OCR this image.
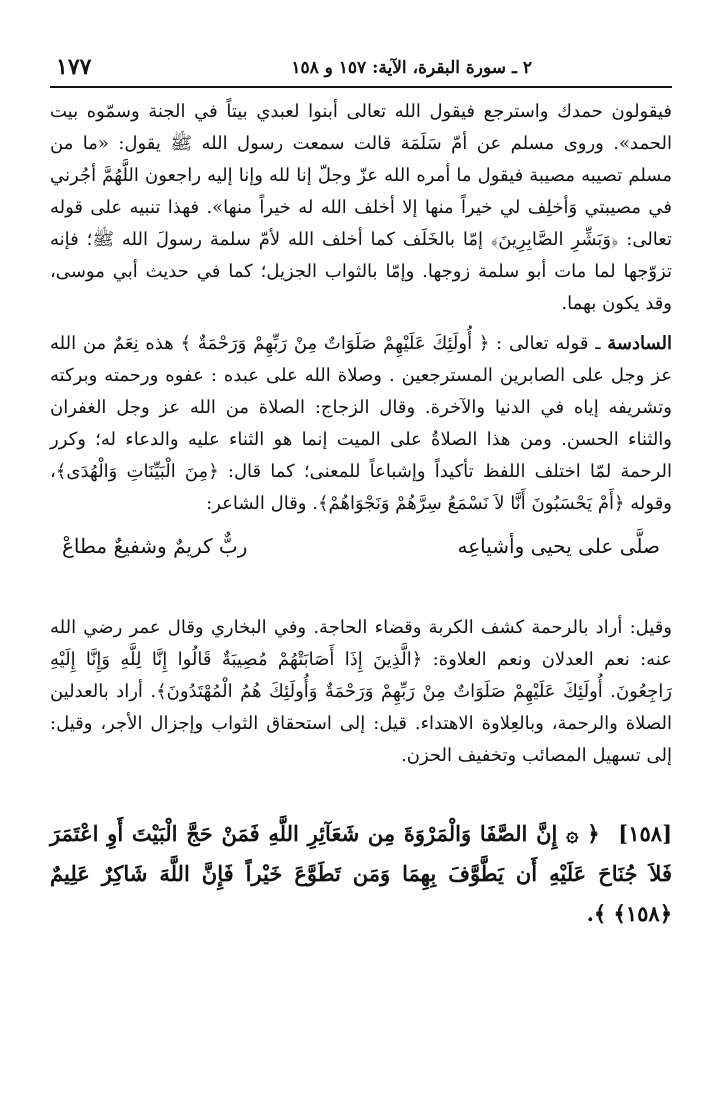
٢ ـ سورة البقرة، الآية: ١٥٧ و ١٥٨
١٧٧

فيقولون حمدك واسترجع فيقول الله تعالى أبنوا لعبدي بيتاً في الجنة وسمّوه بيت الحمد». وروى مسلم عن أمّ سَلَمَة قالت سمعت رسول الله ﷺ يقول: «ما من مسلم تصيبه مصيبة فيقول ما أمره الله عزّ وجلّ إنا لله وإنا إليه راجعون اللَّهُمَّ أجُرني في مصيبتي وَأخلِف لي خيراً منها إلا أخلف الله له خيراً منها». فهذا تنبيه على قوله تعالى: ﴿وَبَشِّرِ الصَّابِرِينَ﴾ إمّا بالخَلَف كما أخلف الله لأمّ سلمة رسولَ الله ﷺ؛ فإنه تزوّجها لما مات أبو سلمة زوجها. وإمّا بالثواب الجزيل؛ كما في حديث أبي موسى، وقد يكون بهما.

السادسة ـ قوله تعالى : ﴿ أُولَئِكَ عَلَيْهِمْ صَلَوَاتٌ مِنْ رَبِّهِمْ وَرَحْمَةٌ ﴾ هذه نِعَمٌ من الله عز وجل على الصابرين المسترجعين . وصلاة الله على عبده : عفوه ورحمته وبركته وتشريفه إياه في الدنيا والآخرة. وقال الزجاج: الصلاة من الله عز وجل الغفران والثناء الحسن. ومن هذا الصلاةُ على الميت إنما هو الثناء عليه والدعاء له؛ وكرر الرحمة لمّا اختلف اللفظ تأكيداً وإشباعاً للمعنى؛ كما قال: ﴿مِنَ الْبَيِّنَاتِ وَالْهُدَى﴾، وقوله ﴿أَمْ يَحْسَبُونَ أَنَّا لاَ نَسْمَعُ سِرَّهُمْ وَنَجْوَاهُمْ﴾. وقال الشاعر:

صلَّى على يحيى وأشياعِه
ربٌّ كريمٌ وشفيعٌ مطاعْ

وقيل: أراد بالرحمة كشف الكربة وقضاء الحاجة. وفي البخاري وقال عمر رضي الله عنه: نعم العدلان ونعم العلاوة: ﴿الَّذِينَ إِذَا أَصَابَتْهُمْ مُصِيبَةٌ قَالُوا إِنَّا لِلَّهِ وَإِنَّا إِلَيْهِ رَاجِعُونَ. أُولَئِكَ عَلَيْهِمْ صَلَوَاتٌ مِنْ رَبِّهِمْ وَرَحْمَةٌ وَأُولَئِكَ هُمُ الْمُهْتَدُونَ﴾. أراد بالعدلين الصلاة والرحمة، وبالعِلاوة الاهتداء. قيل: إلى استحقاق الثواب وإجزال الأجر، وقيل: إلى تسهيل المصائب وتخفيف الحزن.

[١٥٨] ﴿ ۞ إِنَّ الصَّفَا وَالْمَرْوَةَ مِن شَعَآئِرِ اللَّهِ فَمَنْ حَجَّ الْبَيْتَ أَوِ اعْتَمَرَ فَلاَ جُنَاحَ عَلَيْهِ أَن يَطَّوَّفَ بِهِمَا وَمَن تَطَوَّعَ خَيْراً فَإِنَّ اللَّهَ شَاكِرٌ عَلِيمٌ ﴿١٥٨﴾ ﴾.
